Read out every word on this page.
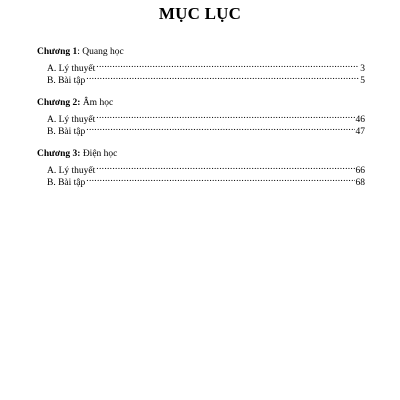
MỤC LỤC
Chương 1: Quang học
A. Lý thuyết .....	3
B. Bài tập .....	5
Chương 2: Âm học
A. Lý thuyết .....	46
B. Bài tập .....	47
Chương 3: Điện học
A. Lý thuyết .....	66
B. Bài tập .....	68
